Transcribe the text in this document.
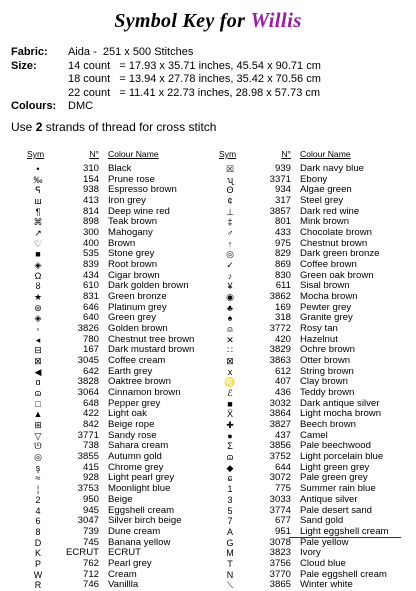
Symbol Key for Willis
Fabric:	Aida -  251 x 500 Stitches
Size:	14 count   = 17.93 x 35.71 inches, 45.54 x 90.71 cm
18 count   = 13.94 x 27.78 inches, 35.42 x 70.56 cm
22 count   = 11.41 x 22.73 inches, 28.98 x 57.73 cm
Colours:	DMC
Use 2 strands of thread for cross stitch
Sym	N°	Colour Name
•	310 Black
‰	154 Prune rose
ᕋ	938 Espresso brown
ш	413 Iron grey
¶	814 Deep wine red
⌘	898 Teak brown
↗	300 Mahogany
♡	400 Brown
■	535 Stone grey
◈	839 Root brown
Ω	434 Cigar brown
ȣ	610 Dark golden brown
★	831 Green bronze
⊛	646 Platinum grey
◈	640 Green grey
◦	3826 Golden brown
◂	780 Chestnut tree brown
⊟	167 Dark mustard brown
⊠	3045 Coffee cream
◀	642 Earth grey
ɑ	3828 Oaktree brown
ɷ	3064 Cinnamon brown
□	648 Pepper grey
▲	422 Light oak
⊞	842 Beige rope
▽	3771 Sandy rose
ᘎ	738 Sahara cream
◎	3855 Autumn gold
ş	415 Chrome grey
≈	928 Light pearl grey
¦	3753 Moonlight blue
2	950 Beige
4	945 Eggshell cream
6	3047 Silver birch beige
8	739 Dune cream
D	745 Banana yellow
K	ECRUT ECRUT
P	762 Pearl grey
W	712 Cream
R	746 Vanillla
Sym	N°	Colour Name
☒	939 Dark navy blue
ʯ	3371 Ebony
ʘ	934 Algae green
¢	317 Steel grey
⊥	3857 Dark red wine
‡	801 Mink brown
♂	433 Chocolate brown
↑	975 Chestnut brown
◎	829 Dark green bronze
✓	869 Coffee brown
♪	830 Green oak brown
¥	611 Sisal brown
◉	3862 Mocha brown
♣	169 Pewter grey
♠	318 Granite grey
⍝	3772 Rosy tan
✕	420 Hazelnut
∷	3829 Ochre brown
⊠	3863 Otter brown
x	612 String brown
♌	407 Clay brown
ℰ	436 Teddy brown
■	3032 Dark antique silver
Ẍ	3864 Light mocha brown
✚	3827 Beech brown
●	437 Camel
Σ	3856 Pale beechwood
ɷ	3752 Light porcelain blue
◆	644 Light green grey
ɕ	3072 Pale green grey
1	775 Summer rain blue
3	3033 Antique silver
5	3774 Pale desert sand
7	677 Sand gold
A	951 Light eggshell cream
G	3078 Pale yellow
M	3823 Ivory
T	3756 Cloud blue
N	3770 Pale eggshell cream
⟍	3865 Winter white
